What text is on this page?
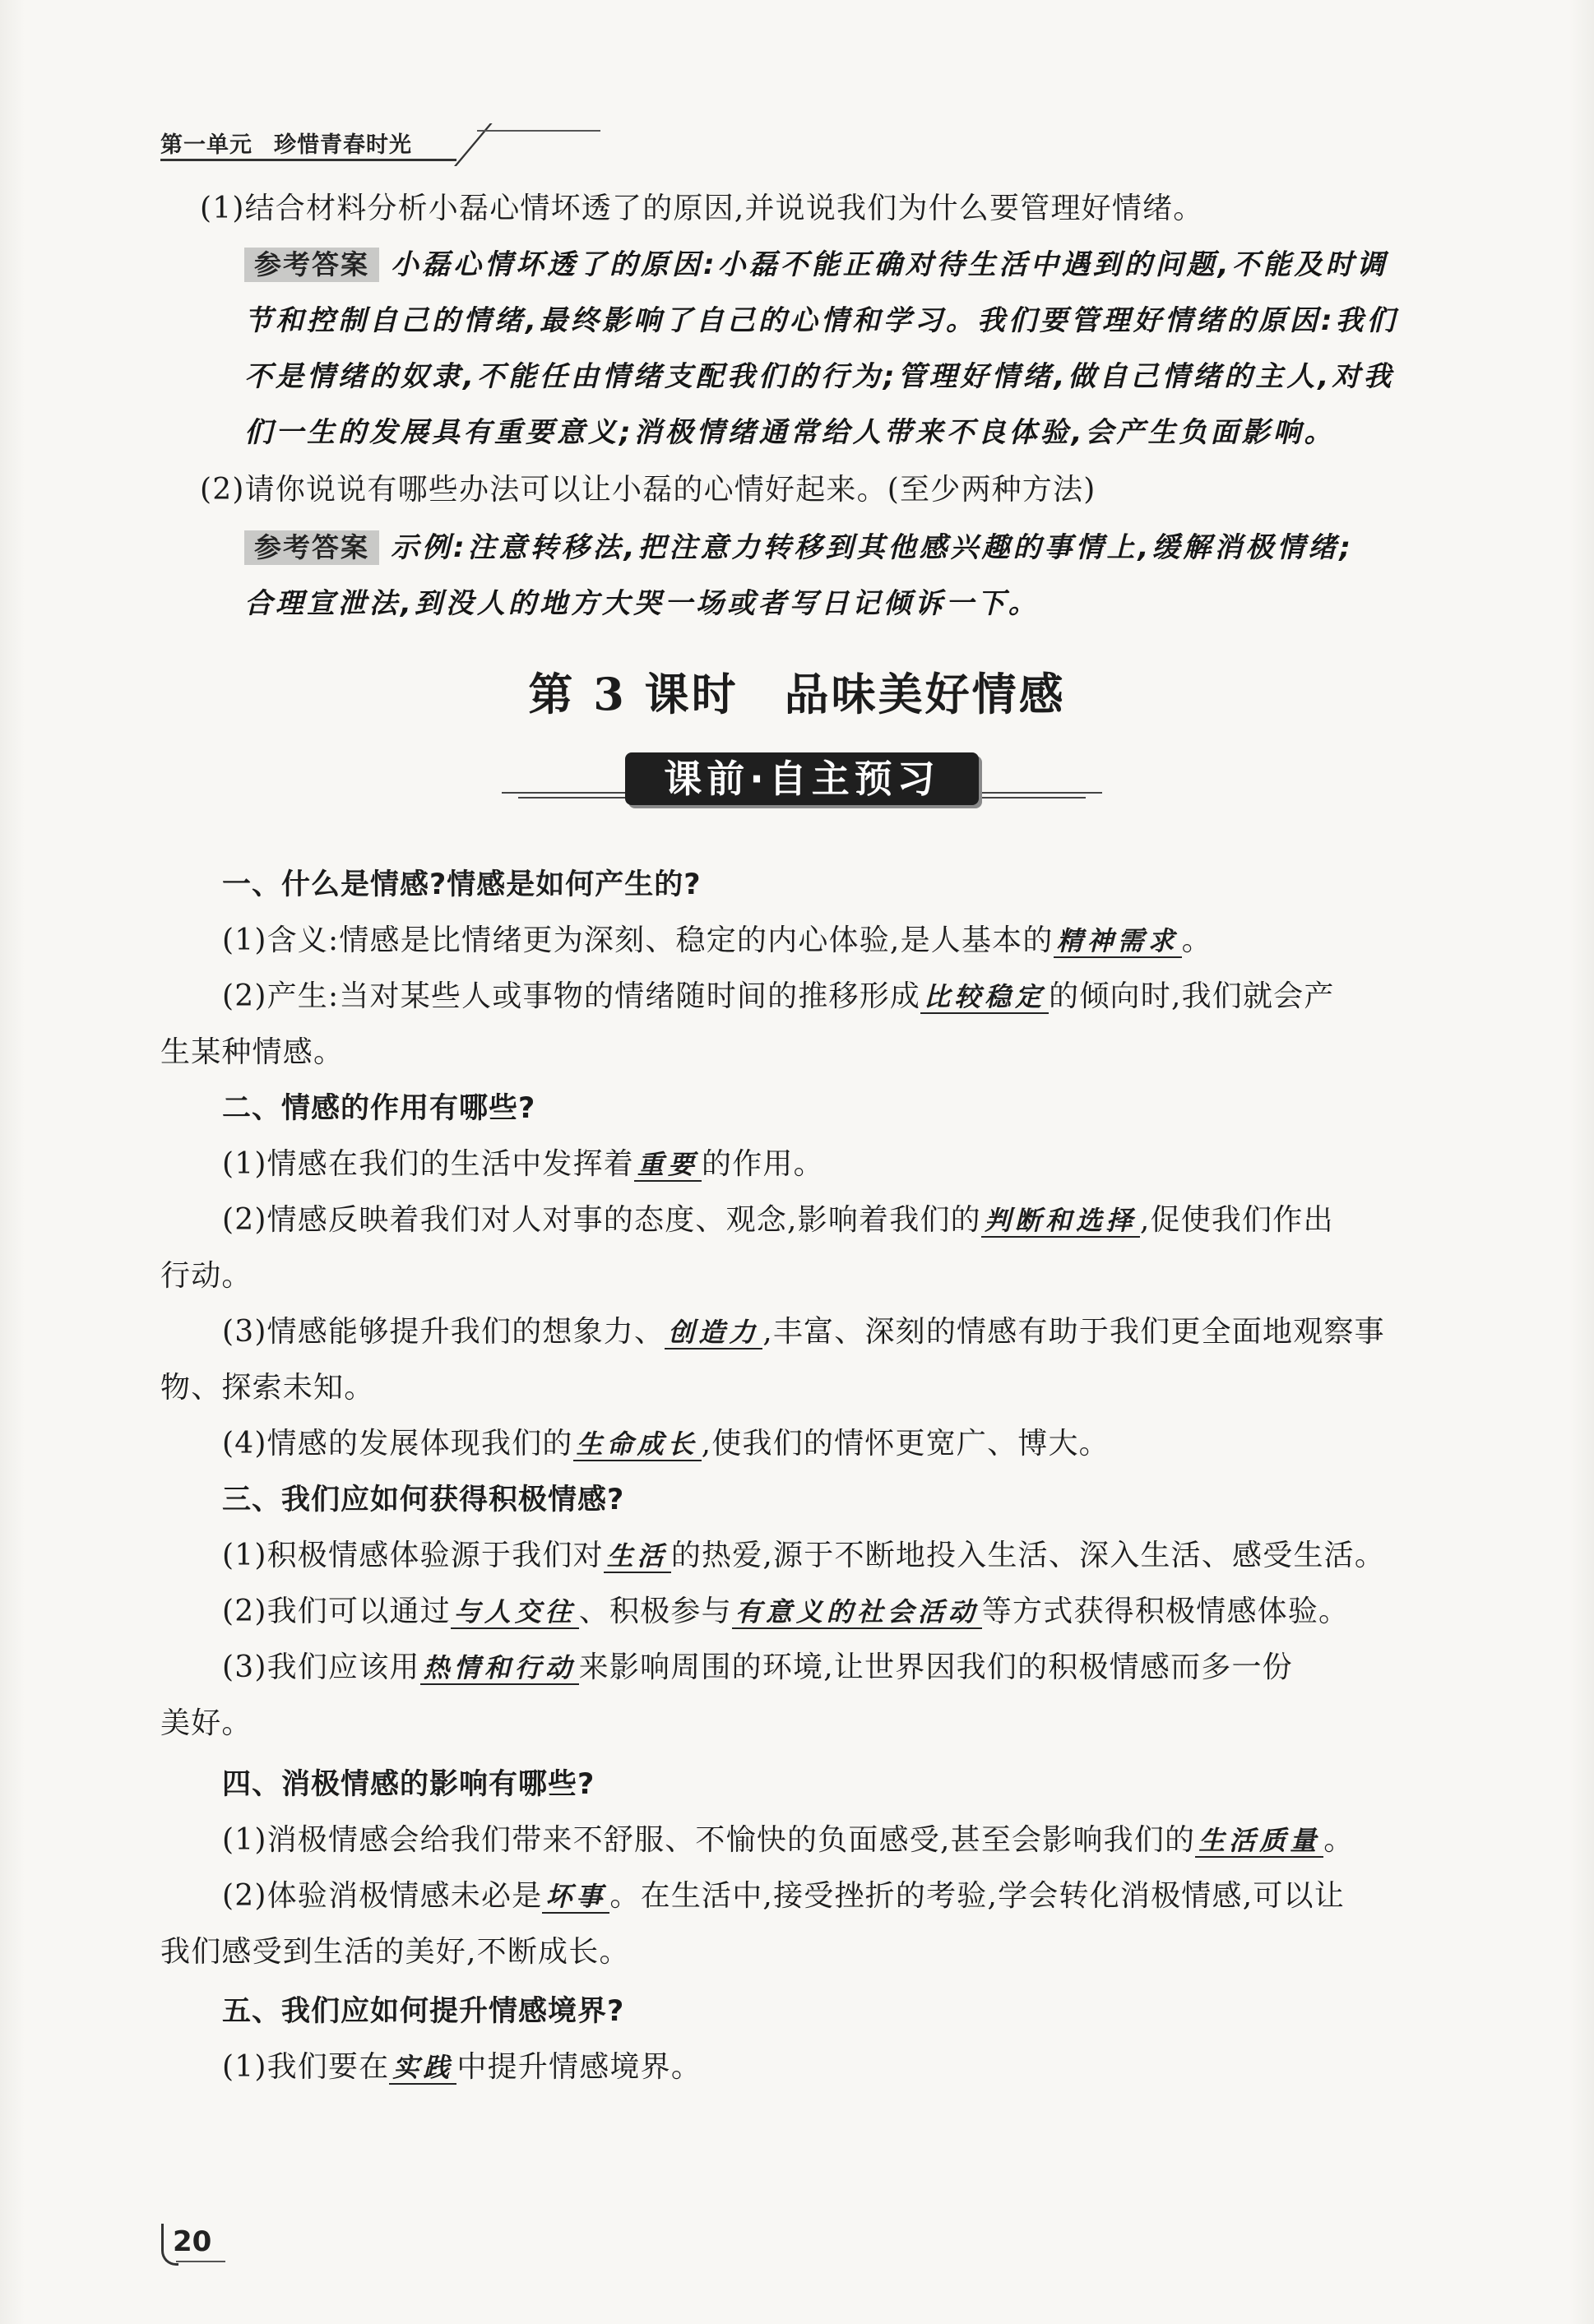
第一单元 珍惜青春时光
(1)结合材料分析小磊心情坏透了的原因,并说说我们为什么要管理好情绪。
参考答案 小磊心情坏透了的原因:小磊不能正确对待生活中遇到的问题,不能及时调
节和控制自己的情绪,最终影响了自己的心情和学习。我们要管理好情绪的原因:我们
不是情绪的奴隶,不能任由情绪支配我们的行为;管理好情绪,做自己情绪的主人,对我
们一生的发展具有重要意义;消极情绪通常给人带来不良体验,会产生负面影响。
(2)请你说说有哪些办法可以让小磊的心情好起来。(至少两种方法)
参考答案 示例:注意转移法,把注意力转移到其他感兴趣的事情上,缓解消极情绪;
合理宣泄法,到没人的地方大哭一场或者写日记倾诉一下。
第 3 课时 品味美好情感
课前·自主预习
一、什么是情感?情感是如何产生的?
(1)含义:情感是比情绪更为深刻、稳定的内心体验,是人基本的 精神需求 。
(2)产生:当对某些人或事物的情绪随时间的推移形成 比较稳定 的倾向时,我们就会产
生某种情感。
二、情感的作用有哪些?
(1)情感在我们的生活中发挥着 重要 的作用。
(2)情感反映着我们对人对事的态度、观念,影响着我们的 判断和选择 ,促使我们作出
行动。
(3)情感能够提升我们的想象力、 创造力 ,丰富、深刻的情感有助于我们更全面地观察事
物、探索未知。
(4)情感的发展体现我们的 生命成长 ,使我们的情怀更宽广、博大。
三、我们应如何获得积极情感?
(1)积极情感体验源于我们对 生活 的热爱,源于不断地投入生活、深入生活、感受生活。
(2)我们可以通过 与人交往 、积极参与 有意义的社会活动 等方式获得积极情感体验。
(3)我们应该用 热情和行动 来影响周围的环境,让世界因我们的积极情感而多一份
美好。
四、消极情感的影响有哪些?
(1)消极情感会给我们带来不舒服、不愉快的负面感受,甚至会影响我们的 生活质量 。
(2)体验消极情感未必是 坏事 。在生活中,接受挫折的考验,学会转化消极情感,可以让
我们感受到生活的美好,不断成长。
五、我们应如何提升情感境界?
(1)我们要在 实践 中提升情感境界。
20
